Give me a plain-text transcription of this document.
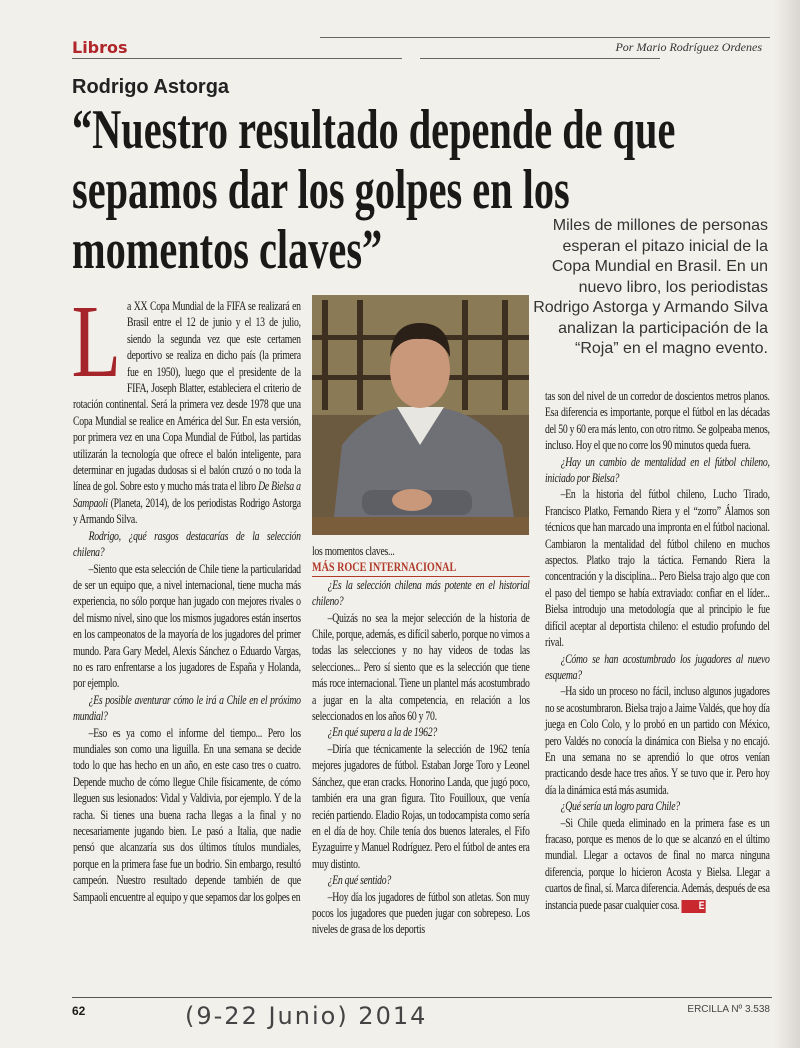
Libros	Por Mario Rodríguez Ordenes
Rodrigo Astorga
“Nuestro resultado depende de que
sepamos dar los golpes en los
momentos claves”	Miles de millones de personas esperan el pitazo inicial de la Copa Mundial en Brasil. En un nuevo libro, los periodistas Rodrigo Astorga y Armando Silva analizan la participación de la “Roja” en el magno evento.

La XX Copa Mundial de la FIFA se realizará en Brasil entre el 12 de junio y el 13 de julio, siendo la segunda vez que este certamen deportivo se realiza en dicho país (la primera fue en 1950), luego que el presidente de la FIFA, Joseph Blatter, estableciera el criterio de rotación continental. Será la primera vez desde 1978 que una Copa Mundial se realice en América del Sur. En esta versión, por primera vez en una Copa Mundial de Fútbol, las partidas utilizarán la tecnología que ofrece el balón inteligente, para determinar en jugadas dudosas si el balón cruzó o no toda la línea de gol. Sobre esto y mucho más trata el libro De Bielsa a Sampaoli (Planeta, 2014), de los periodistas Rodrigo Astorga y Armando Silva.

Rodrigo, ¿qué rasgos destacarías de la selección chilena?

–Siento que esta selección de Chile tiene la particularidad de ser un equipo que, a nivel internacional, tiene mucha más experiencia, no sólo porque han jugado con mejores rivales o del mismo nivel, sino que los mismos jugadores están insertos en los campeonatos de la mayoría de los jugadores del primer mundo. Para Gary Medel, Alexis Sánchez o Eduardo Vargas, no es raro enfrentarse a los jugadores de España y Holanda, por ejemplo.

¿Es posible aventurar cómo le irá a Chile en el próximo mundial?

–Eso es ya como el informe del tiempo... Pero los mundiales son como una liguilla. En una semana se decide todo lo que has hecho en un año, en este caso tres o cuatro. Depende mucho de cómo llegue Chile físicamente, de cómo lleguen sus lesionados: Vidal y Valdivia, por ejemplo. Y de la racha. Si tienes una buena racha llegas a la final y no necesariamente jugando bien. Le pasó a Italia, que nadie pensó que alcanzaría sus dos últimos títulos mundiales, porque en la primera fase fue un bodrio. Sin embargo, resultó campeón. Nuestro resultado depende también de que Sampaoli encuentre al equipo y que sepamos dar los golpes en

los momentos claves...

MÁS ROCE INTERNACIONAL

¿Es la selección chilena más potente en el historial chileno?

–Quizás no sea la mejor selección de la historia de Chile, porque, además, es difícil saberlo, porque no vimos a todas las selecciones y no hay videos de todas las selecciones... Pero sí siento que es la selección que tiene más roce internacional. Tiene un plantel más acostumbrado a jugar en la alta competencia, en relación a los seleccionados en los años 60 y 70.

¿En qué supera a la de 1962?

–Diría que técnicamente la selección de 1962 tenía mejores jugadores de fútbol. Estaban Jorge Toro y Leonel Sánchez, que eran cracks. Honorino Landa, que jugó poco, también era una gran figura. Tito Fouilloux, que venía recién partiendo. Eladio Rojas, un todocampista como sería en el día de hoy. Chile tenía dos buenos laterales, el Fifo Eyzaguirre y Manuel Rodríguez. Pero el fútbol de antes era muy distinto.

¿En qué sentido?

–Hoy día los jugadores de fútbol son atletas. Son muy pocos los jugadores que pueden jugar con sobrepeso. Los niveles de grasa de los deportis

tas son del nivel de un corredor de doscientos metros planos. Esa diferencia es importante, porque el fútbol en las décadas del 50 y 60 era más lento, con otro ritmo. Se golpeaba menos, incluso. Hoy el que no corre los 90 minutos queda fuera.

¿Hay un cambio de mentalidad en el fútbol chileno, iniciado por Bielsa?

–En la historia del fútbol chileno, Lucho Tirado, Francisco Platko, Fernando Riera y el “zorro” Álamos son técnicos que han marcado una impronta en el fútbol nacional. Cambiaron la mentalidad del fútbol chileno en muchos aspectos. Platko trajo la táctica. Fernando Riera la concentración y la disciplina... Pero Bielsa trajo algo que con el paso del tiempo se había extraviado: confiar en el líder... Bielsa introdujo una metodología que al principio le fue difícil aceptar al deportista chileno: el estudio profundo del rival.

¿Cómo se han acostumbrado los jugadores al nuevo esquema?

–Ha sido un proceso no fácil, incluso algunos jugadores no se acostumbraron. Bielsa trajo a Jaime Valdés, que hoy día juega en Colo Colo, y lo probó en un partido con México, pero Valdés no conocía la dinámica con Bielsa y no encajó. En una semana no se aprendió lo que otros venían practicando desde hace tres años. Y se tuvo que ir. Pero hoy día la dinámica está más asumida.

¿Qué sería un logro para Chile?

–Si Chile queda eliminado en la primera fase es un fracaso, porque es menos de lo que se alcanzó en el último mundial. Llegar a octavos de final no marca ninguna diferencia, porque lo hicieron Acosta y Bielsa. Llegar a cuartos de final, sí. Marca diferencia. Además, después de esa instancia puede pasar cualquier cosa. E

62	(9-22 Junio) 2014	ERCILLA Nº 3.538
